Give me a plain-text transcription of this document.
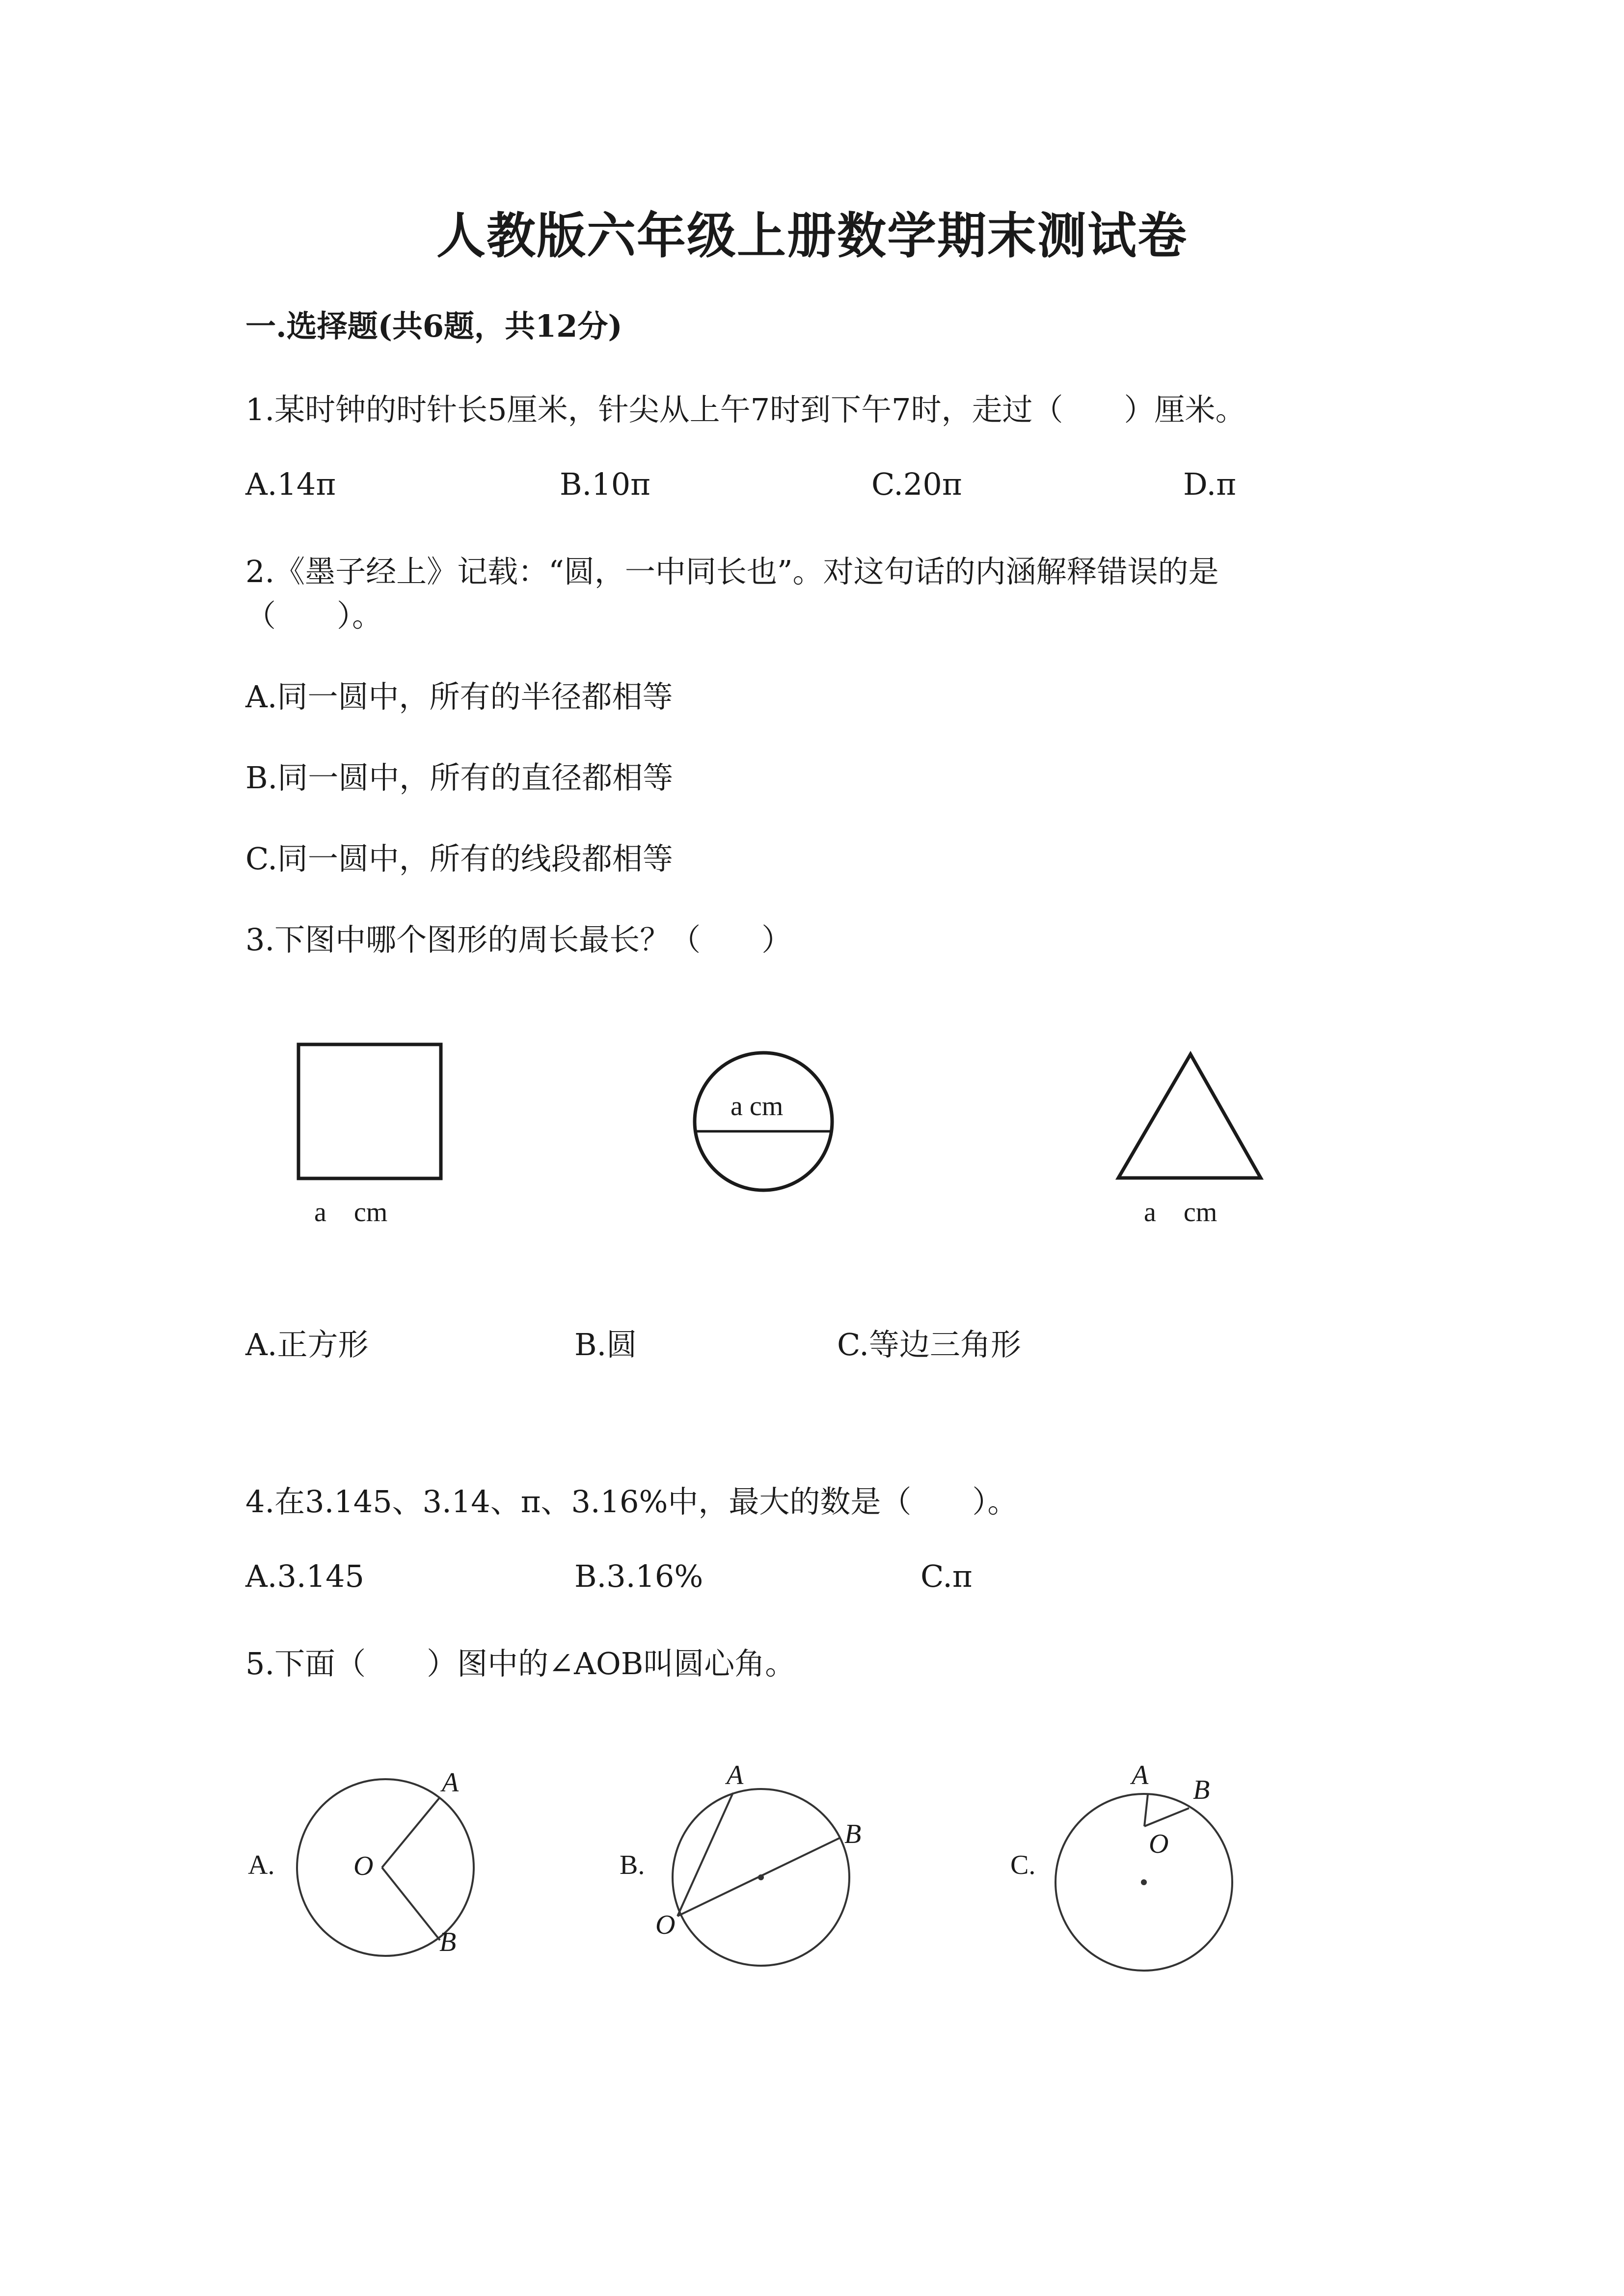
人教版六年级上册数学期末测试卷
一.选择题(共6题，共12分)
1.某时钟的时针长5厘米，针尖从上午7时到下午7时，走过（　　）厘米。
A.14π	B.10π	C.20π	D.π
2.《墨子经上》记载：“圆，一中同长也”。对这句话的内涵解释错误的是
（　　）。
A.同一圆中，所有的半径都相等
B.同一圆中，所有的直径都相等
C.同一圆中，所有的线段都相等
3.下图中哪个图形的周长最长？（　　）
a　cm
a cm
a　cm
A.正方形	B.圆	C.等边三角形
4.在3.145、3.14、π、3.16%中，最大的数是（　　）。
A.3.145	B.3.16%	C.π
5.下面（　　）图中的∠AOB叫圆心角。
A.	O
A
B
B.
O
A
B
C.
O
A B
